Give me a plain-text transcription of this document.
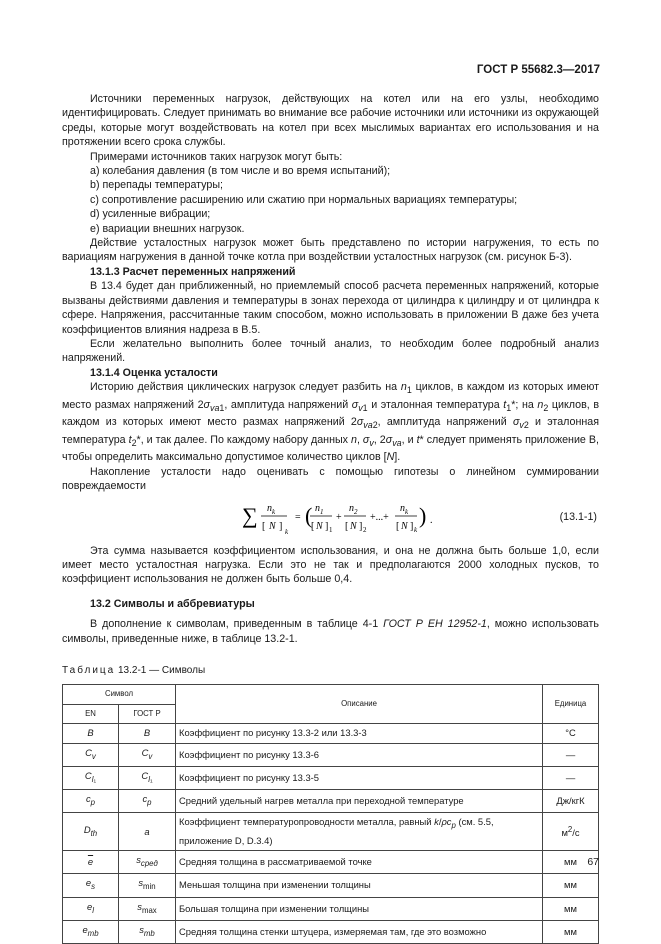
ГОСТ Р 55682.3—2017

Источники переменных нагрузок, действующих на котел или на его узлы, необходимо идентифицировать. Следует принимать во внимание все рабочие источники или источники из окружающей среды, которые могут воздействовать на котел при всех мыслимых вариантах его использования и на протяжении всего срока службы.

Примерами источников таких нагрузок могут быть:

а) колебания давления (в том числе и во время испытаний);

b) перепады температуры;

c) сопротивление расширению или сжатию при нормальных вариациях температуры;

d) усиленные вибрации;

e) вариации внешних нагрузок.

Действие усталостных нагрузок может быть представлено по истории нагружения, то есть по вариациям нагружения в данной точке котла при воздействии усталостных нагрузок (см. рисунок Б-3).

13.1.3 Расчет переменных напряжений

В 13.4 будет дан приближенный, но приемлемый способ расчета переменных напряжений, которые вызваны действиями давления и температуры в зонах перехода от цилиндра к цилиндру и от цилиндра к сфере. Напряжения, рассчитанные таким способом, можно использовать в приложении В даже без учета коэффициентов влияния надреза в В.5.

Если желательно выполнить более точный анализ, то необходим более подробный анализ напряжений.

13.1.4 Оценка усталости

Историю действия циклических нагрузок следует разбить на $n_1$ циклов, в каждом из которых имеют место размах напряжений $2\sigma_{va1}$, амплитуда напряжений $\sigma_{v1}$ и эталонная температура $t_1*$; на $n_2$ циклов, в каждом из которых имеют место размах напряжений $2\sigma_{va2}$, амплитуда напряжений $\sigma_{v2}$ и эталонная температура $t_2*$, и так далее. По каждому набору данных n, $\sigma_v$, $2\sigma_{va}$, и t* следует применять приложение В, чтобы определить максимально допустимое количество циклов [N].

Накопление усталости надо оценивать с помощью гипотезы о линейном суммировании повреждаемости

∑ $n_k$
[ N ] k
= ( $n_1$
[ N ] 1
+
$n_2$
[ N ] 2
+...+
$n_k$
[ N ] k
) .	(13.1-1)

Эта сумма называется коэффициентом использования, и она не должна быть больше 1,0, если имеет место усталостная нагрузка. Если это не так и предполагаются 2000 холодных пусков, то коэффициент использования не должен быть больше 0,4.

13.2 Символы и аббревиатуры

В дополнение к символам, приведенным в таблице 4-1 ГОСТ Р ЕН 12952-1, можно использовать символы, приведенные ниже, в таблице 13.2-1.

Таблица 13.2-1 — Символы
Символ		Описание	Единица
EN	ГОСТ Р		
B	B	Коэффициент по рисунку 13.3-2 или 13.3-3	°C
$C_v$	$C_v$	Коэффициент по рисунку 13.3-6	—
$C_{l_1}$	$C_{l_1}$	Коэффициент по рисунку 13.3-5	—
$c_p$	$c_p$	Средний удельный нагрев металла при переходной температуре	Дж/кгК
$D_{th}$	a	Коэффициент температуропроводности металла, равный $k/\rho c_p$ (см. 5.5, приложение D, D.3.4)	$м^2/с$
$\overline{e}$	$s_{сред}$	Средняя толщина в рассматриваемой точке	мм
$e_s$	$s_{min}$	Меньшая толщина при изменении толщины	мм
$e_l$	$s_{max}$	Большая толщина при изменении толщины	мм
$e_{mb}$	$s_{mb}$	Средняя толщина стенки штуцера, измеряемая там, где это возможно	мм
67
